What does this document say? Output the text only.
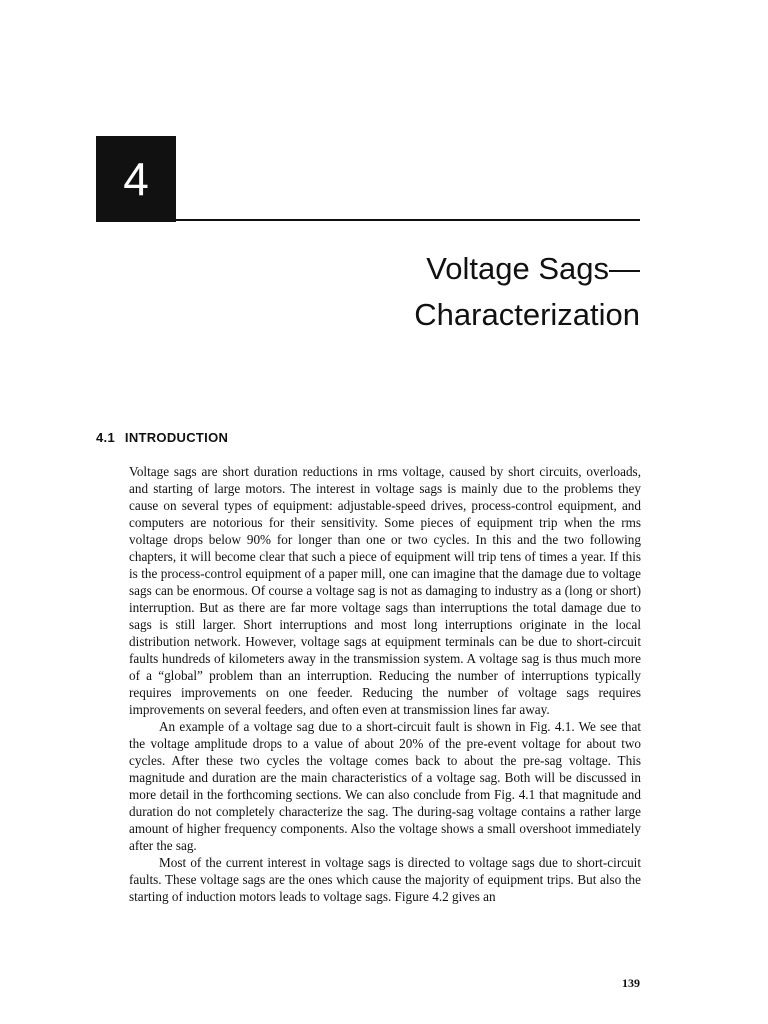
4
Voltage Sags—
Characterization
4.1 INTRODUCTION

Voltage sags are short duration reductions in rms voltage, caused by short circuits, overloads, and starting of large motors. The interest in voltage sags is mainly due to the problems they cause on several types of equipment: adjustable-speed drives, process-control equipment, and computers are notorious for their sensitivity. Some pieces of equipment trip when the rms voltage drops below 90% for longer than one or two cycles. In this and the two following chapters, it will become clear that such a piece of equipment will trip tens of times a year. If this is the process-control equipment of a paper mill, one can imagine that the damage due to voltage sags can be enormous. Of course a voltage sag is not as damaging to industry as a (long or short) interruption. But as there are far more voltage sags than interruptions the total damage due to sags is still larger. Short interruptions and most long interruptions originate in the local distribution network. However, voltage sags at equipment terminals can be due to short-circuit faults hundreds of kilometers away in the transmission system. A voltage sag is thus much more of a “global” problem than an interruption. Reducing the number of interruptions typically requires improvements on one feeder. Reducing the number of voltage sags requires improvements on several feeders, and often even at transmission lines far away.

An example of a voltage sag due to a short-circuit fault is shown in Fig. 4.1. We see that the voltage amplitude drops to a value of about 20% of the pre-event voltage for about two cycles. After these two cycles the voltage comes back to about the pre-sag voltage. This magnitude and duration are the main characteristics of a voltage sag. Both will be discussed in more detail in the forthcoming sections. We can also conclude from Fig. 4.1 that magnitude and duration do not completely characterize the sag. The during-sag voltage contains a rather large amount of higher frequency components. Also the voltage shows a small overshoot immediately after the sag.

Most of the current interest in voltage sags is directed to voltage sags due to short-circuit faults. These voltage sags are the ones which cause the majority of equipment trips. But also the starting of induction motors leads to voltage sags. Figure 4.2 gives an

139
